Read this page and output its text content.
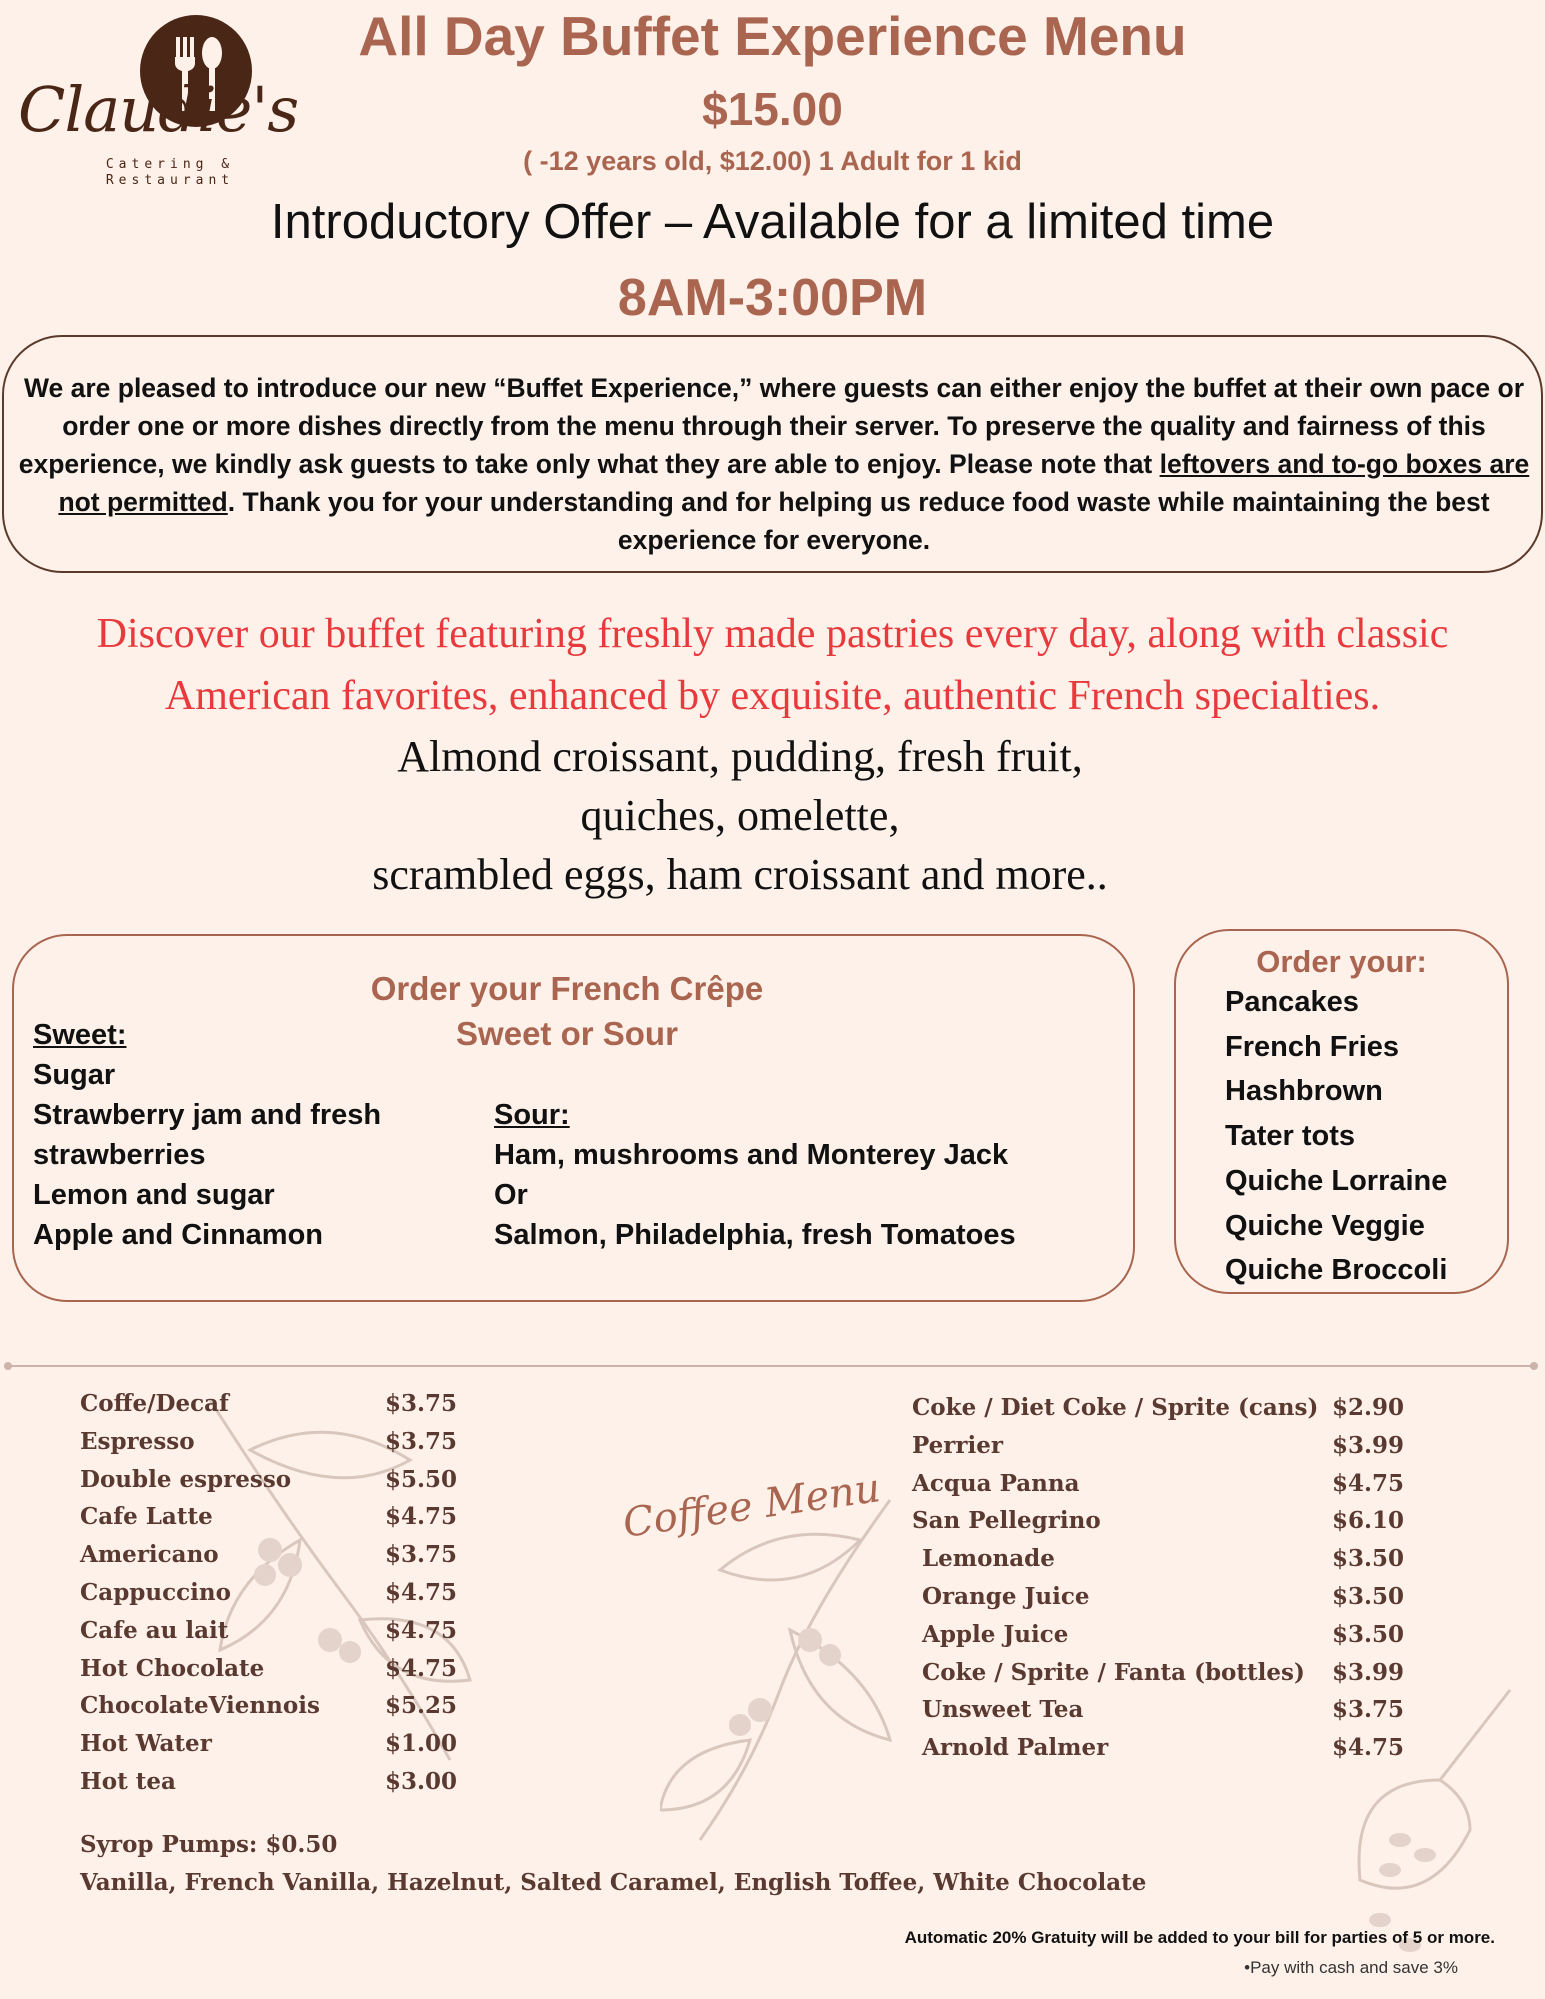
Claudie's
Catering &
Restaurant
All Day Buffet Experience Menu
$15.00
( -12 years old, $12.00) 1 Adult for 1 kid
Introductory Offer – Available for a limited time
8AM-3:00PM
We are pleased to introduce our new “Buffet Experience,” where guests can either enjoy the buffet at their own pace or order one or more dishes directly from the menu through their server. To preserve the quality and fairness of this experience, we kindly ask guests to take only what they are able to enjoy. Please note that leftovers and to-go boxes are not permitted. Thank you for your understanding and for helping us reduce food waste while maintaining the best experience for everyone.
Discover our buffet featuring freshly made pastries every day, along with classic
American favorites, enhanced by exquisite, authentic French specialties.
Almond croissant, pudding, fresh fruit,
quiches, omelette,
scrambled eggs, ham croissant and more..
Order your French Crêpe
Sweet or Sour
Sweet:
Sugar
Strawberry jam and fresh
strawberries
Lemon and sugar
Apple and Cinnamon
Sour:
Ham, mushrooms and Monterey Jack
Or
Salmon, Philadelphia, fresh Tomatoes
Order your:
Pancakes
French Fries
Hashbrown
Tater tots
Quiche Lorraine
Quiche Veggie
Quiche Broccoli
Coffee Menu
Coffe/Decaf
Espresso
Double espresso
Cafe Latte
Americano
Cappuccino
Cafe au lait
Hot Chocolate
ChocolateViennois
Hot Water
Hot tea
$3.75
$3.75
$5.50
$4.75
$3.75
$4.75
$4.75
$4.75
$5.25
$1.00
$3.00
Coke / Diet Coke / Sprite (cans)
Perrier
Acqua Panna
San Pellegrino
Lemonade
Orange Juice
Apple Juice
Coke / Sprite / Fanta (bottles)
Unsweet Tea
Arnold Palmer
$2.90
$3.99
$4.75
$6.10
$3.50
$3.50
$3.50
$3.99
$3.75
$4.75
Syrop Pumps: $0.50
Vanilla, French Vanilla, Hazelnut, Salted Caramel, English Toffee, White Chocolate
Automatic 20% Gratuity will be added to your bill for parties of 5 or more.
•Pay with cash and save 3%
